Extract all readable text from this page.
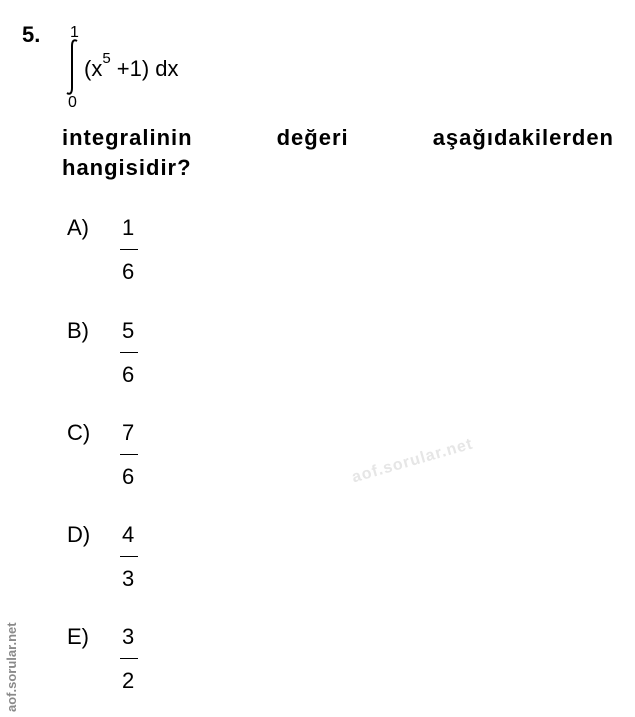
5. 1
0
$(x^5 +1)$ dx
integralinin	değeri	aşağıdakilerden
hangisidir?
A) 1
6
B) 5
6
C) 7
6
D) 4
3
E) 3
2
aof.sorular.net
aof.sorular.net
